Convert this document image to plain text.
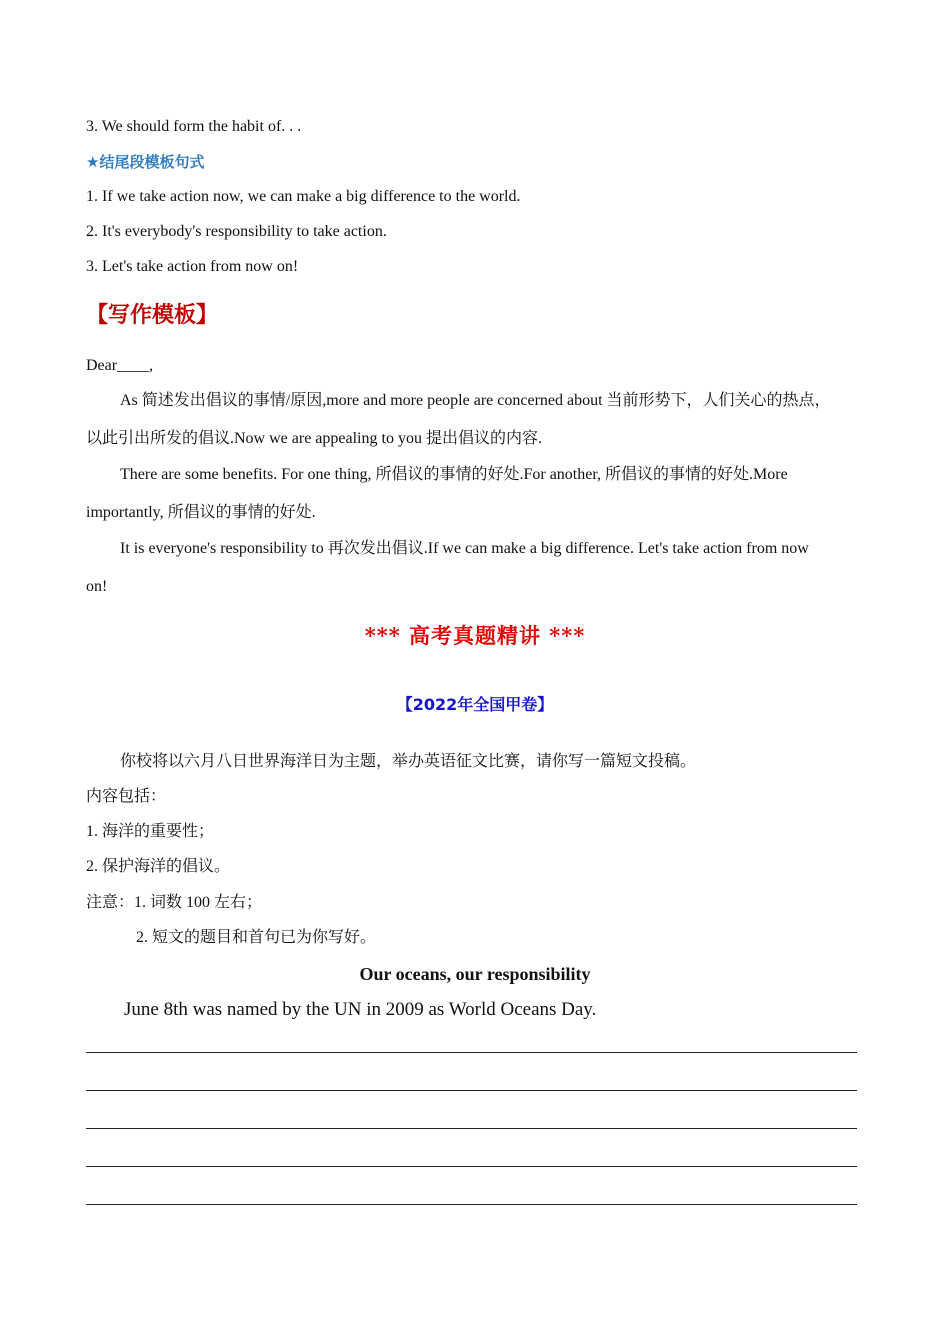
3. We should form the habit of. . .
★结尾段模板句式
1. If we take action now, we can make a big difference to the world.
2. It's everybody's responsibility to take action.
3. Let's take action from now on!
【写作模板】
Dear____,
As 简述发出倡议的事情/原因,more and more people are concerned about 当前形势下，人们关心的热点，
以此引出所发的倡议.Now we are appealing to you 提出倡议的内容.
There are some benefits. For one thing, 所倡议的事情的好处.For another, 所倡议的事情的好处.More
importantly, 所倡议的事情的好处.
It is everyone's responsibility to 再次发出倡议.If we can make a big difference. Let's take action from now
on!
*** 高考真题精讲 ***
【2022年全国甲卷】
你校将以六月八日世界海洋日为主题，举办英语征文比赛，请你写一篇短文投稿。
内容包括：
1. 海洋的重要性；
2. 保护海洋的倡议。
注意：1. 词数 100 左右；
2. 短文的题目和首句已为你写好。
Our oceans, our responsibility
June 8th was named by the UN in 2009 as World Oceans Day.
